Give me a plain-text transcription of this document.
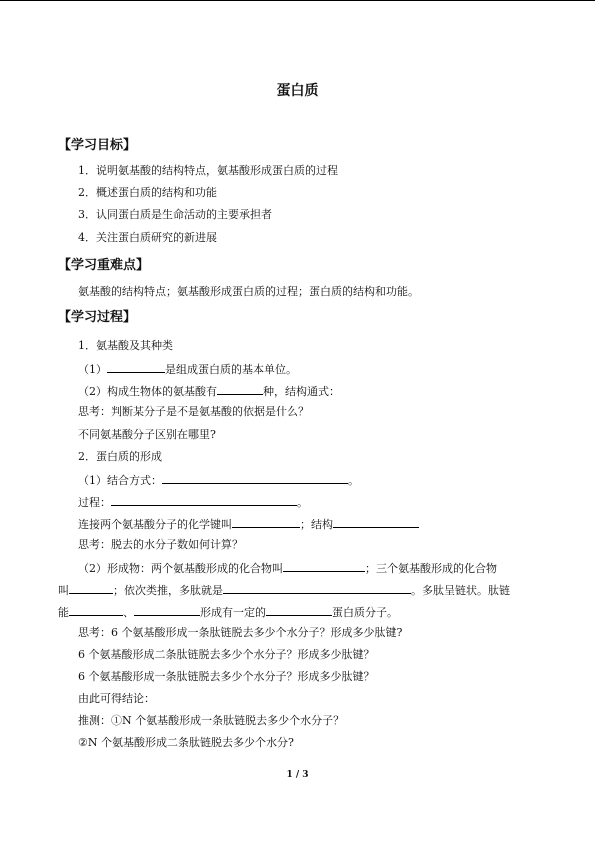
蛋白质
【学习目标】
1．说明氨基酸的结构特点，氨基酸形成蛋白质的过程
2．概述蛋白质的结构和功能
3．认同蛋白质是生命活动的主要承担者
4．关注蛋白质研究的新进展
【学习重难点】
氨基酸的结构特点；氨基酸形成蛋白质的过程；蛋白质的结构和功能。
【学习过程】
1．氨基酸及其种类
（1）	是组成蛋白质的基本单位。
（2）构成生物体的氨基酸有	种，结构通式：
思考：判断某分子是不是氨基酸的依据是什么？
不同氨基酸分子区别在哪里?
2．蛋白质的形成
（1）结合方式：	。
过程：	。
连接两个氨基酸分子的化学键叫	；结构
思考：脱去的水分子数如何计算？
（2）形成物：两个氨基酸形成的化合物叫	；三个氨基酸形成的化合物
叫	；依次类推，多肽就是	。多肽呈链状。肽链
能	、	形成有一定的	蛋白质分子。
思考：6 个氨基酸形成一条肽链脱去多少个水分子？形成多少肽键?
6 个氨基酸形成二条肽链脱去多少个水分子？形成多少肽键？
6 个氨基酸形成一条肽链脱去多少个水分子？形成多少肽键？
由此可得结论：
推测：①N 个氨基酸形成一条肽链脱去多少个水分子？
②N 个氨基酸形成二条肽链脱去多少个水分?
1 / 3
